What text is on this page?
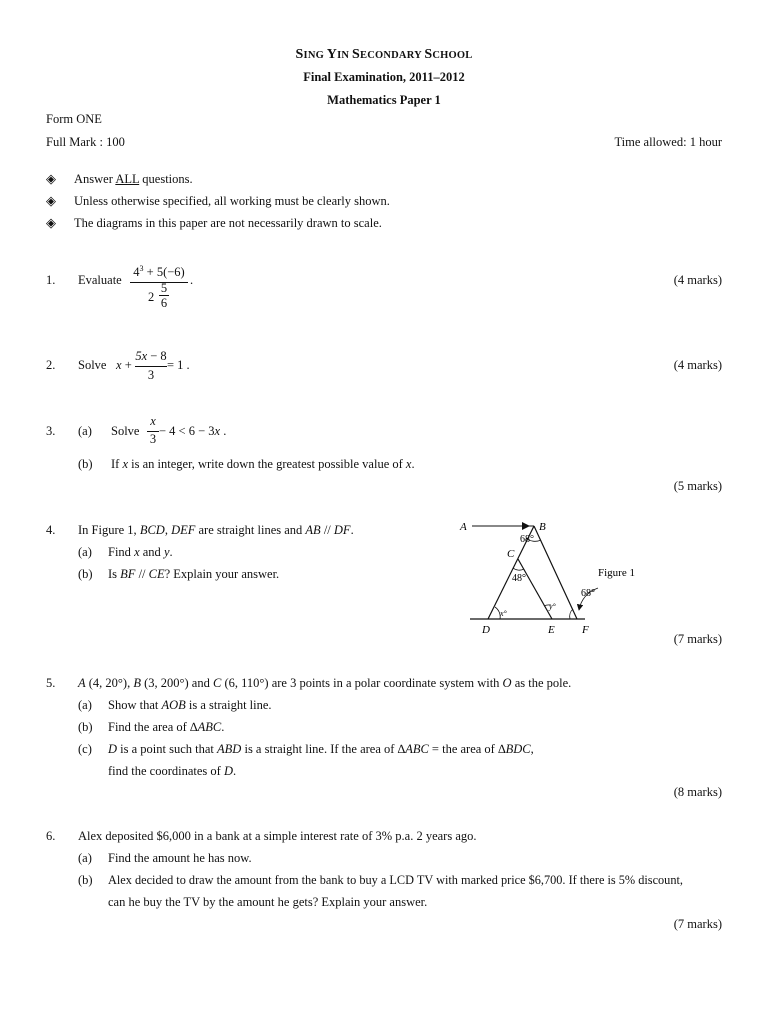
SING YIN SECONDARY SCHOOL
Final Examination, 2011–2012
Mathematics Paper 1
Form ONE
Full Mark : 100	Time allowed: 1 hour
◈ Answer ALL questions.
◈ Unless otherwise specified, all working must be clearly shown.
◈ The diagrams in this paper are not necessarily drawn to scale.
1. Evaluate
$4^3 + 5(-6)$
2
5
6
.	(4 marks)
2. Solve x +
5x − 8
3
= 1 .	(4 marks)
3. (a) Solve
x
3
− 4 < 6 − 3x .
(b) If x is an integer, write down the greatest possible value of x.
(5 marks)
4. In Figure 1, BCD, DEF are straight lines and AB // DF.
(a) Find x and y.
(b) Is BF // CE? Explain your answer.
A	B
C
D	E F
68°
48°
68°
x°
y°
Figure 1
(7 marks)
5. A (4, 20°), B (3, 200°) and C (6, 110°) are 3 points in a polar coordinate system with O as the pole.
(a) Show that AOB is a straight line.
(b) Find the area of ∆ABC.
(c) D is a point such that ABD is a straight line. If the area of ∆ABC = the area of ∆BDC,
find the coordinates of D.
(8 marks)
6. Alex deposited $6,000 in a bank at a simple interest rate of 3% p.a. 2 years ago.
(a) Find the amount he has now.
(b) Alex decided to draw the amount from the bank to buy a LCD TV with marked price $6,700. If there is 5% discount,
can he buy the TV by the amount he gets? Explain your answer.
(7 marks)
